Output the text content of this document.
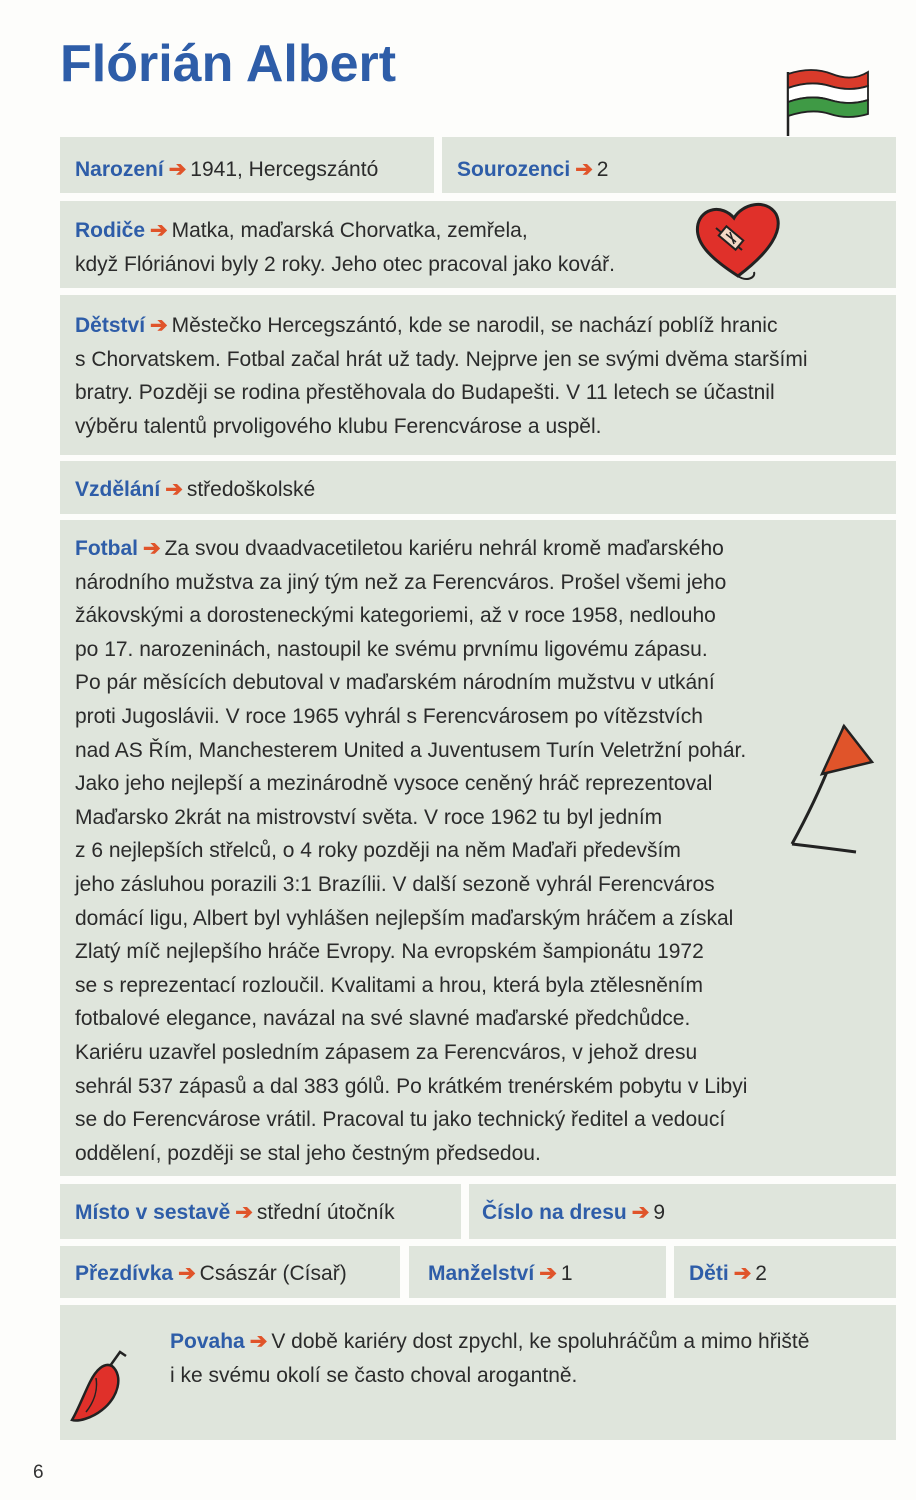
Flórián Albert
Narození ➔ 1941, Hercegszántó	Sourozenci ➔ 2
Rodiče ➔ Matka, maďarská Chorvatka, zemřela,
když Flóriánovi byly 2 roky. Jeho otec pracoval jako kovář.
Dětství ➔ Městečko Hercegszántó, kde se narodil, se nachází poblíž hranic
s Chorvatskem. Fotbal začal hrát už tady. Nejprve jen se svými dvěma staršími
bratry. Později se rodina přestěhovala do Budapešti. V 11 letech se účastnil
výběru talentů prvoligového klubu Ferencvárose a uspěl.
Vzdělání ➔ středoškolské
Fotbal ➔ Za svou dvaadvacetiletou kariéru nehrál kromě maďarského
národního mužstva za jiný tým než za Ferencváros. Prošel všemi jeho
žákovskými a dorosteneckými kategoriemi, až v roce 1958, nedlouho
po 17. narozeninách, nastoupil ke svému prvnímu ligovému zápasu.
Po pár měsících debutoval v maďarském národním mužstvu v utkání
proti Jugoslávii. V roce 1965 vyhrál s Ferencvárosem po vítězstvích
nad AS Řím, Manchesterem United a Juventusem Turín Veletržní pohár.
Jako jeho nejlepší a mezinárodně vysoce ceněný hráč reprezentoval
Maďarsko 2krát na mistrovství světa. V roce 1962 tu byl jedním
z 6 nejlepších střelců, o 4 roky později na něm Maďaři především
jeho zásluhou porazili 3:1 Brazílii. V další sezoně vyhrál Ferencváros
domácí ligu, Albert byl vyhlášen nejlepším maďarským hráčem a získal
Zlatý míč nejlepšího hráče Evropy. Na evropském šampionátu 1972
se s reprezentací rozloučil. Kvalitami a hrou, která byla ztělesněním
fotbalové elegance, navázal na své slavné maďarské předchůdce.
Kariéru uzavřel posledním zápasem za Ferencváros, v jehož dresu
sehrál 537 zápasů a dal 383 gólů. Po krátkém trenérském pobytu v Libyi
se do Ferencvárose vrátil. Pracoval tu jako technický ředitel a vedoucí
oddělení, později se stal jeho čestným předsedou.
Místo v sestavě ➔ střední útočník	Číslo na dresu ➔ 9
Přezdívka ➔ Császár (Císař)	Manželství ➔ 1	Děti ➔ 2
Povaha ➔ V době kariéry dost zpychl, ke spoluhráčům a mimo hřiště
i ke svému okolí se často choval arogantně.
6
